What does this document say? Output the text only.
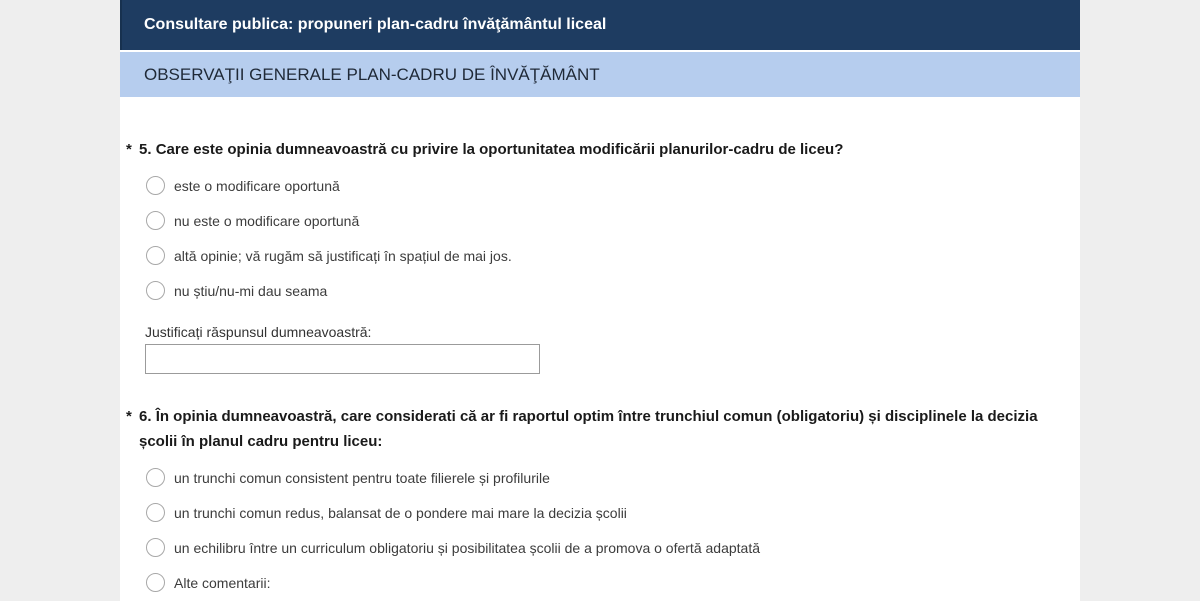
Consultare publica: propuneri plan-cadru învăţământul liceal
OBSERVAŢII GENERALE PLAN-CADRU DE ÎNVĂŢĂMÂNT
* 5. Care este opinia dumneavoastră cu privire la oportunitatea modificării planurilor-cadru de liceu?
este o modificare oportună
nu este o modificare oportună
altă opinie; vă rugăm să justificați în spațiul de mai jos.
nu știu/nu-mi dau seama
Justificați răspunsul dumneavoastră:
* 6. În opinia dumneavoastră, care considerati că ar fi raportul optim între trunchiul comun (obligatoriu) și disciplinele la decizia școlii în planul cadru pentru liceu:
un trunchi comun consistent pentru toate filierele și profilurile
un trunchi comun redus, balansat de o pondere mai mare la decizia școlii
un echilibru între un curriculum obligatoriu și posibilitatea școlii de a promova o ofertă adaptată
Alte comentarii:
